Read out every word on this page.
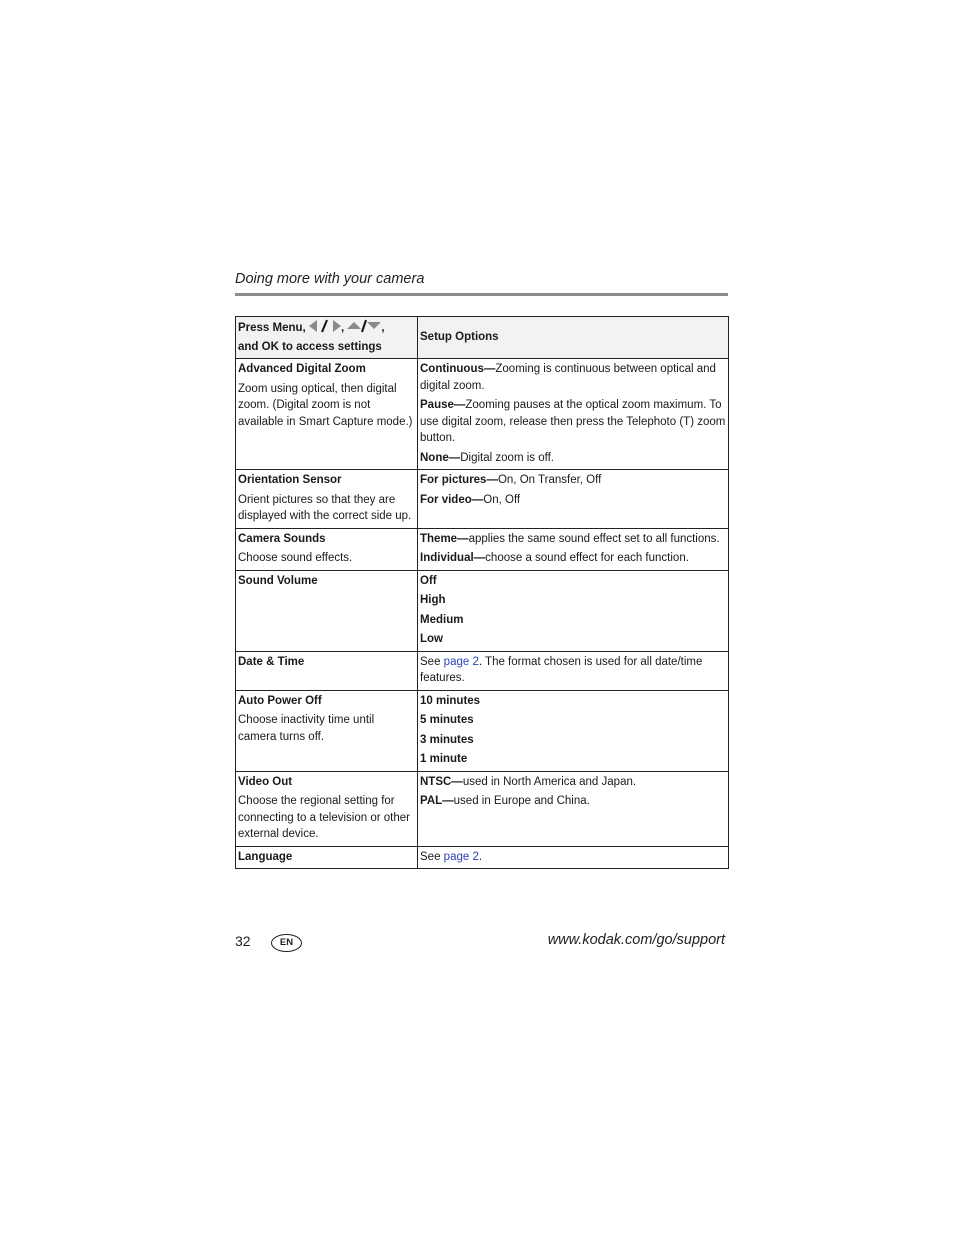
Doing more with your camera
Press Menu, , ,
and OK to access settings	Setup Options

Advanced Digital Zoom
Zoom using optical, then digital zoom. (Digital zoom is not available in Smart Capture mode.)	Continuous—Zooming is continuous between optical and digital zoom.
Pause—Zooming pauses at the optical zoom maximum. To use digital zoom, release then press the Telephoto (T) zoom button.
None—Digital zoom is off.

Orientation Sensor
Orient pictures so that they are displayed with the correct side up.	For pictures—On, On Transfer, Off
For video—On, Off

Camera Sounds
Choose sound effects.	Theme—applies the same sound effect set to all functions.
Individual—choose a sound effect for each function.

Sound Volume	Off
High
Medium
Low

Date & Time	See page 2. The format chosen is used for all date/time features.

Auto Power Off
Choose inactivity time until camera turns off.	10 minutes
5 minutes
3 minutes
1 minute

Video Out
Choose the regional setting for connecting to a television or other external device.	NTSC—used in North America and Japan.
PAL—used in Europe and China.

Language	See page 2.
32	EN	www.kodak.com/go/support
